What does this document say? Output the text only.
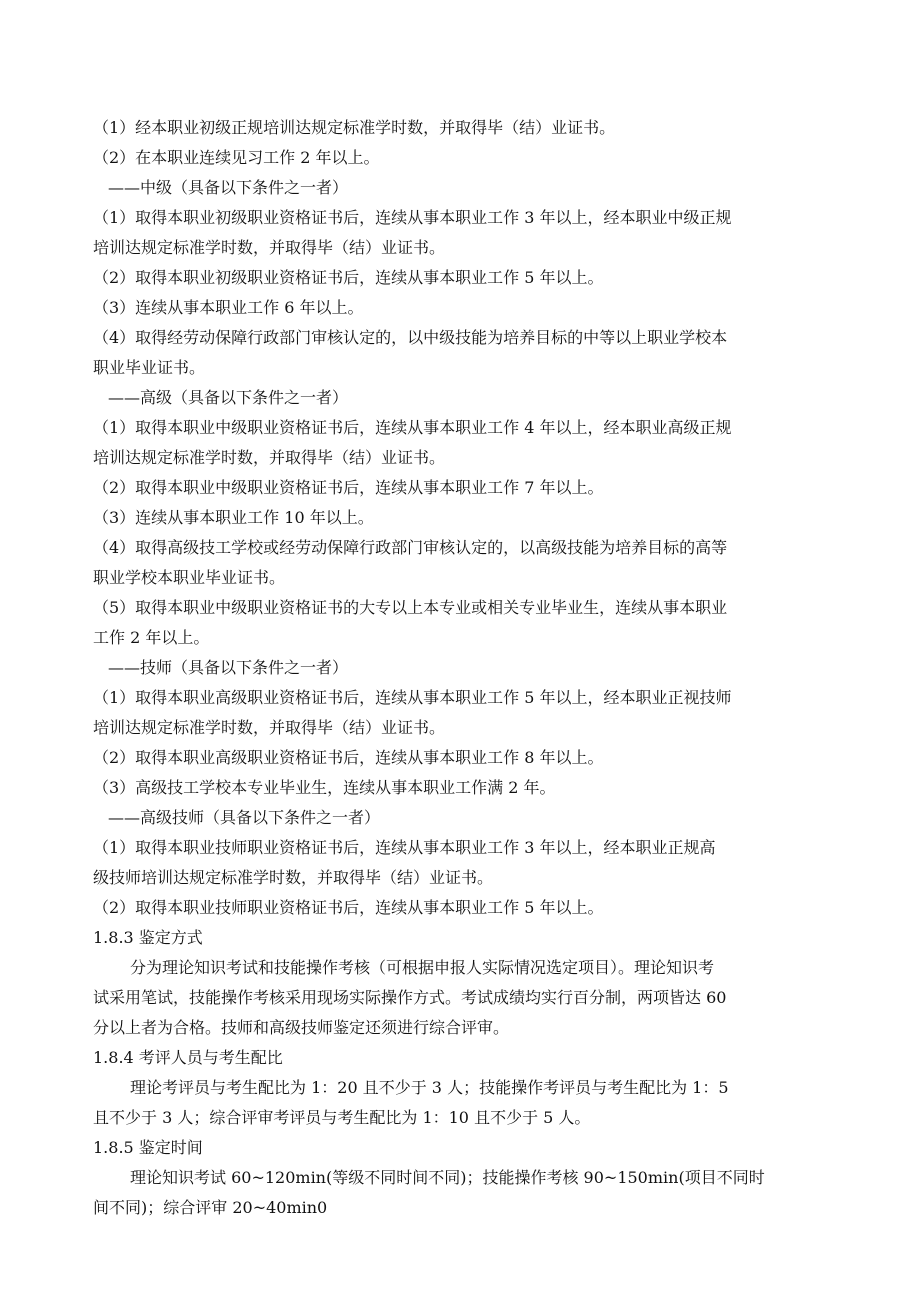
（1）经本职业初级正规培训达规定标准学时数，并取得毕（结）业证书。

（2）在本职业连续见习工作 2 年以上。

——中级（具备以下条件之一者）

（1）取得本职业初级职业资格证书后，连续从事本职业工作 3 年以上，经本职业中级正规

培训达规定标准学时数，并取得毕（结）业证书。

（2）取得本职业初级职业资格证书后，连续从事本职业工作 5 年以上。

（3）连续从事本职业工作 6 年以上。

（4）取得经劳动保障行政部门审核认定的，以中级技能为培养目标的中等以上职业学校本

职业毕业证书。

——高级（具备以下条件之一者）

（1）取得本职业中级职业资格证书后，连续从事本职业工作 4 年以上，经本职业高级正规

培训达规定标准学时数，并取得毕（结）业证书。

（2）取得本职业中级职业资格证书后，连续从事本职业工作 7 年以上。

（3）连续从事本职业工作 10 年以上。

（4）取得高级技工学校或经劳动保障行政部门审核认定的，以高级技能为培养目标的高等

职业学校本职业毕业证书。

（5）取得本职业中级职业资格证书的大专以上本专业或相关专业毕业生，连续从事本职业

工作 2 年以上。

——技师（具备以下条件之一者）

（1）取得本职业高级职业资格证书后，连续从事本职业工作 5 年以上，经本职业正视技师

培训达规定标准学时数，并取得毕（结）业证书。

（2）取得本职业高级职业资格证书后，连续从事本职业工作 8 年以上。

（3）高级技工学校本专业毕业生，连续从事本职业工作满 2 年。

——高级技师（具备以下条件之一者）

（1）取得本职业技师职业资格证书后，连续从事本职业工作 3 年以上，经本职业正规高

级技师培训达规定标准学时数，并取得毕（结）业证书。

（2）取得本职业技师职业资格证书后，连续从事本职业工作 5 年以上。

1.8.3 鉴定方式

分为理论知识考试和技能操作考核（可根据申报人实际情况选定项目）。理论知识考

试采用笔试，技能操作考核采用现场实际操作方式。考试成绩均实行百分制，两项皆达 60

分以上者为合格。技师和高级技师鉴定还须进行综合评审。

1.8.4 考评人员与考生配比

理论考评员与考生配比为 1：20 且不少于 3 人；技能操作考评员与考生配比为 1：5

且不少于 3 人；综合评审考评员与考生配比为 1：10 且不少于 5 人。

1.8.5 鉴定时间

理论知识考试 60~120min(等级不同时间不同)；技能操作考核 90~150min(项目不同时

间不同)；综合评审 20~40min0
